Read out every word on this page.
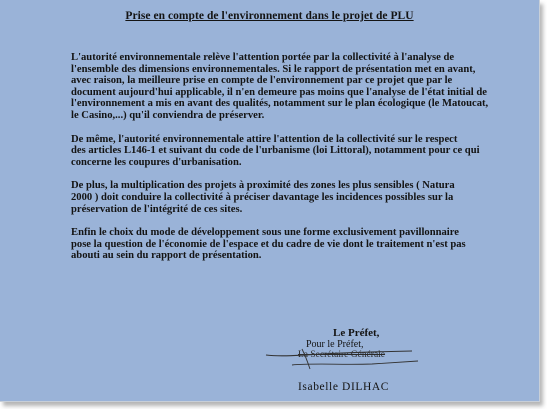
Prise en compte de l'environnement dans le projet de PLU

L'autorité environnementale relève l'attention portée par la collectivité à l'analyse de
l'ensemble des dimensions environnementales. Si le rapport de présentation met en avant,
avec raison, la meilleure prise en compte de l'environnement par ce projet que par le
document aujourd'hui applicable, il n'en demeure pas moins que l'analyse de l'état initial de
l'environnement a mis en avant des qualités, notamment sur le plan écologique (le Matoucat,
le Casino,...) qu'il conviendra de préserver.

De même, l'autorité environnementale attire l'attention de la collectivité sur le respect
des articles L146-1 et suivant du code de l'urbanisme (loi Littoral), notamment pour ce qui
concerne les coupures d'urbanisation.

De plus, la multiplication des projets à proximité des zones les plus sensibles ( Natura
2000 ) doit conduire la collectivité à préciser davantage les incidences possibles sur la
préservation de l'intégrité de ces sites.

Enfin le choix du mode de développement sous une forme exclusivement pavillonnaire
pose la question de l'économie de l'espace et du cadre de vie dont le traitement n'est pas
abouti au sein du rapport de présentation.

Le Préfet,
Pour le Préfet,
La Secrétaire Générale
Isabelle DILHAC
